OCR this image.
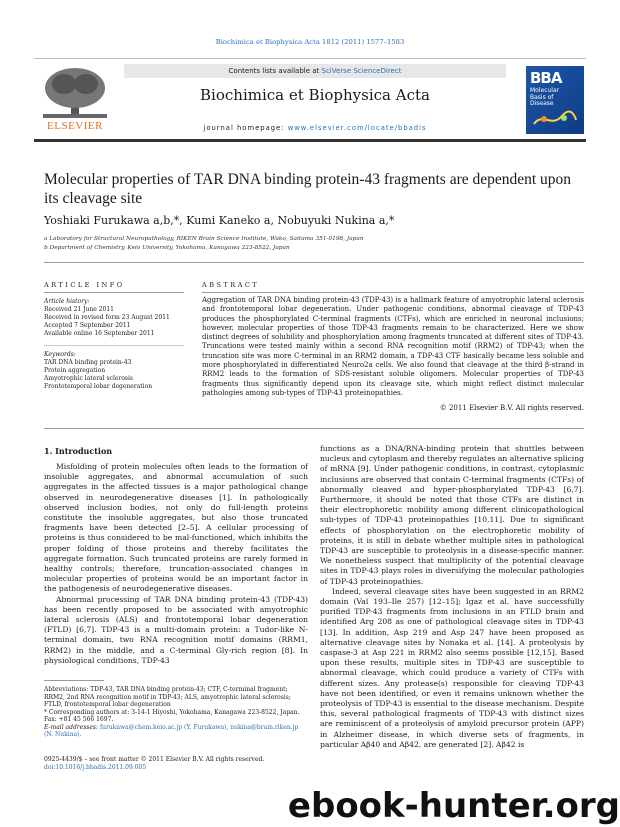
Biochimica et Biophysica Acta 1812 (2011) 1577–1583
ELSEVIER
Contents lists available at SciVerse ScienceDirect
Biochimica et Biophysica Acta
journal homepage: www.elsevier.com/locate/bbadis
BBA
Molecular
Basis of
Disease
Molecular properties of TAR DNA binding protein-43 fragments are dependent upon its cleavage site
Yoshiaki Furukawa a,b,*, Kumi Kaneko a, Nobuyuki Nukina a,*
a Laboratory for Structural Neuropathology, RIKEN Brain Science Institute, Wako, Saitama 351-0198, Japan
b Department of Chemistry, Keio University, Yokohama, Kanagawa 223-8522, Japan
ARTICLE INFO
Article history:
Received 21 June 2011
Received in revised form 23 August 2011
Accepted 7 September 2011
Available online 16 September 2011
Keywords:
TAR DNA binding protein-43
Protein aggregation
Amyotrophic lateral sclerosis
Frontotemporal lobar degeneration
ABSTRACT
Aggregation of TAR DNA binding protein-43 (TDP-43) is a hallmark feature of amyotrophic lateral sclerosis and frontotemporal lobar degeneration. Under pathogenic conditions, abnormal cleavage of TDP-43 produces the phosphorylated C-terminal fragments (CTFs), which are enriched in neuronal inclusions; however, molecular properties of those TDP-43 fragments remain to be characterized. Here we show distinct degrees of solubility and phosphorylation among fragments truncated at different sites of TDP-43. Truncations were tested mainly within a second RNA recognition motif (RRM2) of TDP-43; when the truncation site was more C-terminal in an RRM2 domain, a TDP-43 CTF basically became less soluble and more phosphorylated in differentiated Neuro2a cells. We also found that cleavage at the third β-strand in RRM2 leads to the formation of SDS-resistant soluble oligomers. Molecular properties of TDP-43 fragments thus significantly depend upon its cleavage site, which might reflect distinct molecular pathologies among sub-types of TDP-43 proteinopathies.
© 2011 Elsevier B.V. All rights reserved.
1. Introduction

Misfolding of protein molecules often leads to the formation of insoluble aggregates, and abnormal accumulation of such aggregates in the affected tissues is a major pathological change observed in neurodegenerative diseases [1]. In pathologically observed inclusion bodies, not only do full-length proteins constitute the insoluble aggregates, but also those truncated fragments have been detected [2–5]. A cellular processing of proteins is thus considered to be mal-functioned, which inhibits the proper folding of those proteins and thereby facilitates the aggregate formation. Such truncated proteins are rarely formed in healthy controls; therefore, truncation-associated changes in molecular properties of proteins would be an important factor in the pathogenesis of neurodegenerative diseases.

Abnormal processing of TAR DNA binding protein-43 (TDP-43) has been recently proposed to be associated with amyotrophic lateral sclerosis (ALS) and frontotemporal lobar degeneration (FTLD) [6,7]. TDP-43 is a multi-domain protein: a Tudor-like N-terminal domain, two RNA recognition motif domains (RRM1, RRM2) in the middle, and a C-terminal Gly-rich region [8]. In physiological conditions, TDP-43

functions as a DNA/RNA-binding protein that shuttles between nucleus and cytoplasm and thereby regulates an alternative splicing of mRNA [9]. Under pathogenic conditions, in contrast, cytoplasmic inclusions are observed that contain C-terminal fragments (CTFs) of abnormally cleaved and hyper-phosphorylated TDP-43 [6,7]. Furthermore, it should be noted that those CTFs are distinct in their electrophoretic mobility among different clinicopathological sub-types of TDP-43 proteinopathies [10,11]. Due to significant effects of phosphorylation on the electrophoretic mobility of proteins, it is still in debate whether multiple sites in pathological TDP-43 are susceptible to proteolysis in a disease-specific manner. We nonetheless suspect that multiplicity of the potential cleavage sites in TDP-43 plays roles in diversifying the molecular pathologies of TDP-43 proteinopathies.

Indeed, several cleavage sites have been suggested in an RRM2 domain (Val 193–Ile 257) [12–15]; Igaz et al. have successfully purified TDP-43 fragments from inclusions in an FTLD brain and identified Arg 208 as one of pathological cleavage sites in TDP-43 [13]. In addition, Asp 219 and Asp 247 have been proposed as alternative cleavage sites by Nonaka et al. [14]. A proteolysis by caspase-3 at Asp 221 in RRM2 also seems possible [12,15]. Based upon these results, multiple sites in TDP-43 are susceptible to abnormal cleavage, which could produce a variety of CTFs with different sizes. Any protease(s) responsible for cleaving TDP-43 have not been identified, or even it remains unknown whether the proteolysis of TDP-43 is essential to the disease mechanism. Despite this, several pathological fragments of TDP-43 with distinct sizes are reminiscent of a proteolysis of amyloid precursor protein (APP) in Alzheimer disease, in which diverse sets of fragments, in particular Aβ40 and Aβ42, are generated [2]. Aβ42 is

Abbreviations: TDP-43, TAR DNA binding protein-43; CTF, C-terminal fragment; RRM2, 2nd RNA recognition motif in TDP-43; ALS, amyotrophic lateral sclerosis; FTLD, frontotemporal lobar degeneration
* Corresponding authors at: 3-14-1 Hiyoshi, Yokohama, Kanagawa 223-8522, Japan. Fax: +81 45 566 1697.
E-mail addresses: furukawa@chem.keio.ac.jp (Y. Furukawa), nukina@brain.riken.jp (N. Nukina).
0925-4439/$ – see front matter © 2011 Elsevier B.V. All rights reserved.
doi:10.1016/j.bbadis.2011.09.005
ebook-hunter.org
